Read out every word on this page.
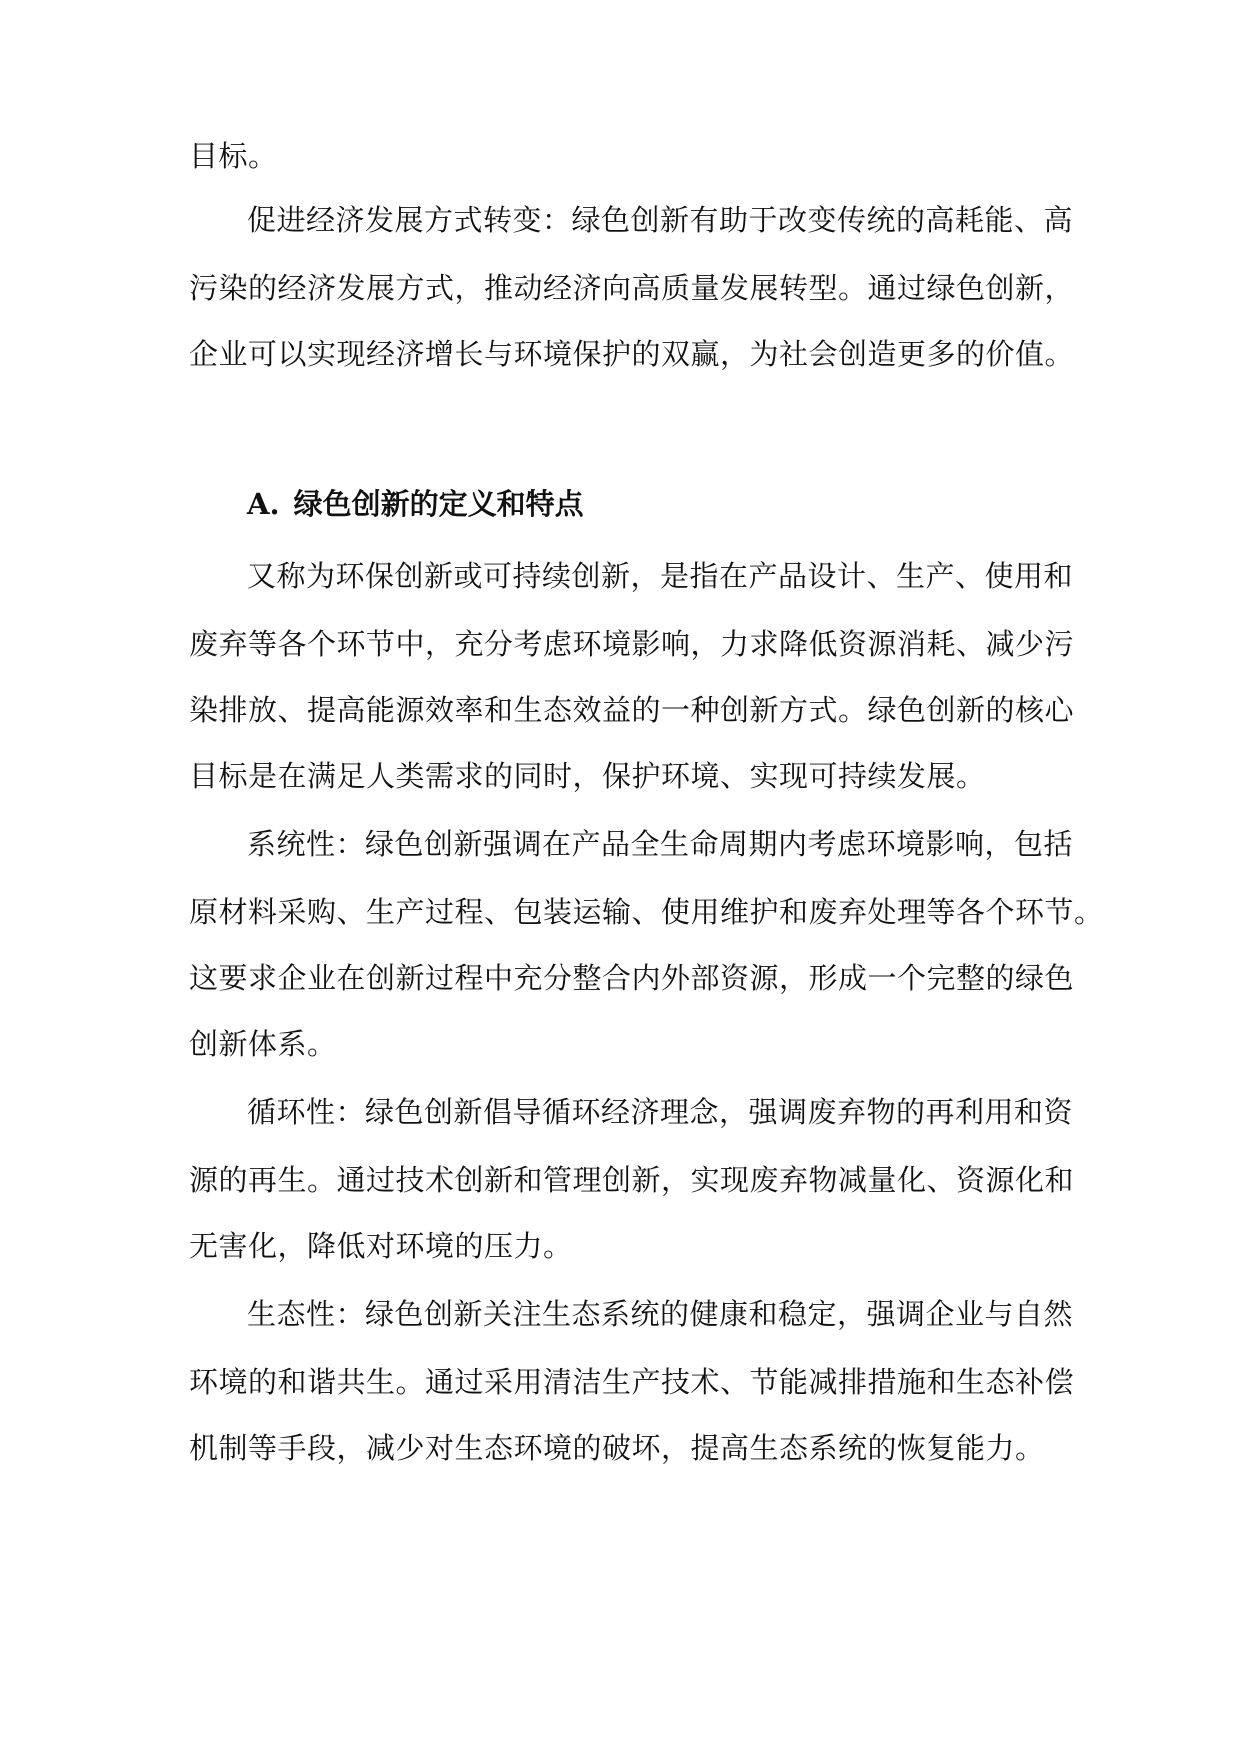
目标。
促进经济发展方式转变：绿色创新有助于改变传统的高耗能、高
污染的经济发展方式，推动经济向高质量发展转型。通过绿色创新，
企业可以实现经济增长与环境保护的双赢，为社会创造更多的价值。
A. 绿色创新的定义和特点
又称为环保创新或可持续创新，是指在产品设计、生产、使用和
废弃等各个环节中，充分考虑环境影响，力求降低资源消耗、减少污
染排放、提高能源效率和生态效益的一种创新方式。绿色创新的核心
目标是在满足人类需求的同时，保护环境、实现可持续发展。
系统性：绿色创新强调在产品全生命周期内考虑环境影响，包括
原材料采购、生产过程、包装运输、使用维护和废弃处理等各个环节。
这要求企业在创新过程中充分整合内外部资源，形成一个完整的绿色
创新体系。
循环性：绿色创新倡导循环经济理念，强调废弃物的再利用和资
源的再生。通过技术创新和管理创新，实现废弃物减量化、资源化和
无害化，降低对环境的压力。
生态性：绿色创新关注生态系统的健康和稳定，强调企业与自然
环境的和谐共生。通过采用清洁生产技术、节能减排措施和生态补偿
机制等手段，减少对生态环境的破坏，提高生态系统的恢复能力。
